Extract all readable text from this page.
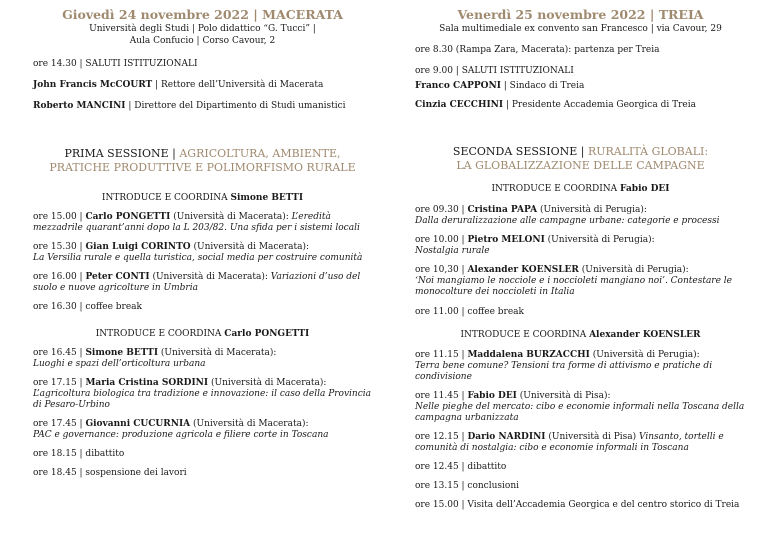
Giovedì 24 novembre 2022 | MACERATA
Università degli Studi | Polo didattico “G. Tucci” |
Aula Confucio | Corso Cavour, 2
ore 14.30 | SALUTI ISTITUZIONALI
John Francis McCOURT | Rettore dell’Università di Macerata
Roberto MANCINI | Direttore del Dipartimento di Studi umanistici
PRIMA SESSIONE | AGRICOLTURA, AMBIENTE,
PRATICHE PRODUTTIVE E POLIMORFISMO RURALE
INTRODUCE E COORDINA Simone BETTI
ore 15.00 | Carlo PONGETTI (Università di Macerata): L’eredità
mezzadrile quarant’anni dopo la L 203/82. Una sfida per i sistemi locali
ore 15.30 | Gian Luigi CORINTO (Università di Macerata):
La Versilia rurale e quella turistica, social media per costruire comunità
ore 16.00 | Peter CONTI (Università di Macerata): Variazioni d’uso del
suolo e nuove agricolture in Umbria
ore 16.30 | coffee break
INTRODUCE E COORDINA Carlo PONGETTI
ore 16.45 | Simone BETTI (Università di Macerata):
Luoghi e spazi dell’orticoltura urbana
ore 17.15 | Maria Cristina SORDINI (Università di Macerata):
L’agricoltura biologica tra tradizione e innovazione: il caso della Provincia
di Pesaro-Urbino
ore 17.45 | Giovanni CUCURNIA (Università di Macerata):
PAC e governance: produzione agricola e filiere corte in Toscana
ore 18.15 | dibattito
ore 18.45 | sospensione dei lavori
Venerdì 25 novembre 2022 | TREIA
Sala multimediale ex convento san Francesco | via Cavour, 29
ore 8.30 (Rampa Zara, Macerata): partenza per Treia
ore 9.00 | SALUTI ISTITUZIONALI
Franco CAPPONI | Sindaco di Treia
Cinzia CECCHINI | Presidente Accademia Georgica di Treia
SECONDA SESSIONE | RURALITÀ GLOBALI:
LA GLOBALIZZAZIONE DELLE CAMPAGNE
INTRODUCE E COORDINA Fabio DEI
ore 09.30 | Cristina PAPA (Università di Perugia):
Dalla deruralizzazione alle campagne urbane: categorie e processi
ore 10.00 | Pietro MELONI (Università di Perugia):
Nostalgia rurale
ore 10,30 | Alexander KOENSLER (Università di Perugia):
‘Noi mangiamo le nocciole e i noccioleti mangiano noi’. Contestare le
monocolture dei noccioleti in Italia
ore 11.00 | coffee break
INTRODUCE E COORDINA Alexander KOENSLER
ore 11.15 | Maddalena BURZACCHI (Università di Perugia):
Terra bene comune? Tensioni tra forme di attivismo e pratiche di
condivisione
ore 11.45 | Fabio DEI (Università di Pisa):
Nelle pieghe del mercato: cibo e economie informali nella Toscana della
campagna urbanizzata
ore 12.15 | Dario NARDINI (Università di Pisa) Vinsanto, tortelli e
comunità di nostalgia: cibo e economie informali in Toscana
ore 12.45 | dibattito
ore 13.15 | conclusioni
ore 15.00 | Visita dell’Accademia Georgica e del centro storico di Treia
